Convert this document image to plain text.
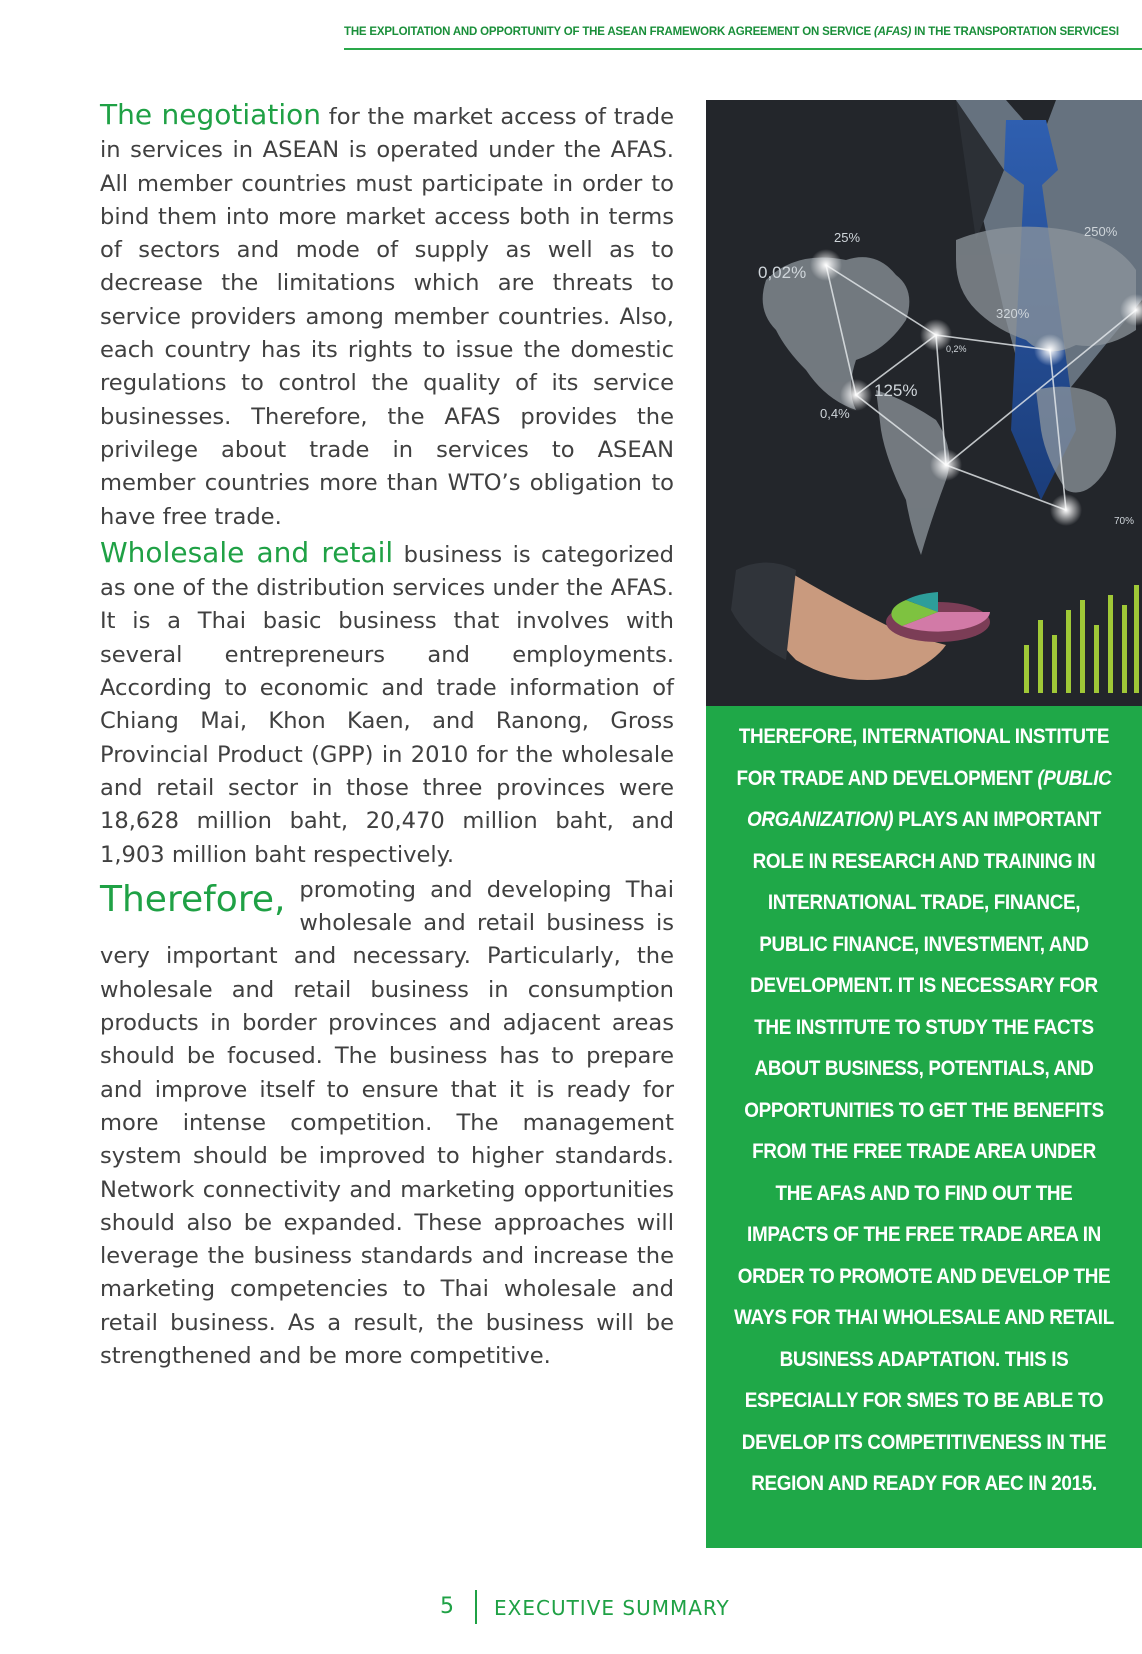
THE EXPLOITATION AND OPPORTUNITY OF THE ASEAN FRAMEWORK AGREEMENT ON SERVICE (AFAS) IN THE TRANSPORTATION SERVICESI

The negotiation for the market access of trade in services in ASEAN is operated under the AFAS. All member countries must participate in order to bind them into more market access both in terms of sectors and mode of supply as well as to decrease the limitations which are threats to service providers among member countries. Also, each country has its rights to issue the domestic regulations to control the quality of its service businesses. Therefore, the AFAS provides the privilege about trade in services to ASEAN member countries more than WTO’s obligation to have free trade.

Wholesale and retail business is categorized as one of the distribution services under the AFAS. It is a Thai basic business that involves with several entrepreneurs and employments. According to economic and trade information of Chiang Mai, Khon Kaen, and Ranong, Gross Provincial Product (GPP) in 2010 for the wholesale and retail sector in those three provinces were 18,628 million baht, 20,470 million baht, and 1,903 million baht respectively.

Therefore, promoting and developing Thai wholesale and retail business is very important and necessary. Particularly, the wholesale and retail business in consumption products in border provinces and adjacent areas should be focused. The business has to prepare and improve itself to ensure that it is ready for more intense competition. The management system should be improved to higher standards. Network connectivity and marketing opportunities should also be expanded. These approaches will leverage the business standards and increase the marketing competencies to Thai wholesale and retail business. As a result, the business will be strengthened and be more competitive.

25%
0,02%
250%
320%
0,2%
125%
0,4%
70%
THEREFORE, INTERNATIONAL INSTITUTE FOR TRADE AND DEVELOPMENT (PUBLIC ORGANIZATION) PLAYS AN IMPORTANT ROLE IN RESEARCH AND TRAINING IN INTERNATIONAL TRADE, FINANCE, PUBLIC FINANCE, INVESTMENT, AND DEVELOPMENT. IT IS NECESSARY FOR THE INSTITUTE TO STUDY THE FACTS ABOUT BUSINESS, POTENTIALS, AND OPPORTUNITIES TO GET THE BENEFITS FROM THE FREE TRADE AREA UNDER THE AFAS AND TO FIND OUT THE IMPACTS OF THE FREE TRADE AREA IN ORDER TO PROMOTE AND DEVELOP THE WAYS FOR THAI WHOLESALE AND RETAIL BUSINESS ADAPTATION. THIS IS ESPECIALLY FOR SMES TO BE ABLE TO DEVELOP ITS COMPETITIVENESS IN THE REGION AND READY FOR AEC IN 2015.
5 EXECUTIVE SUMMARY
